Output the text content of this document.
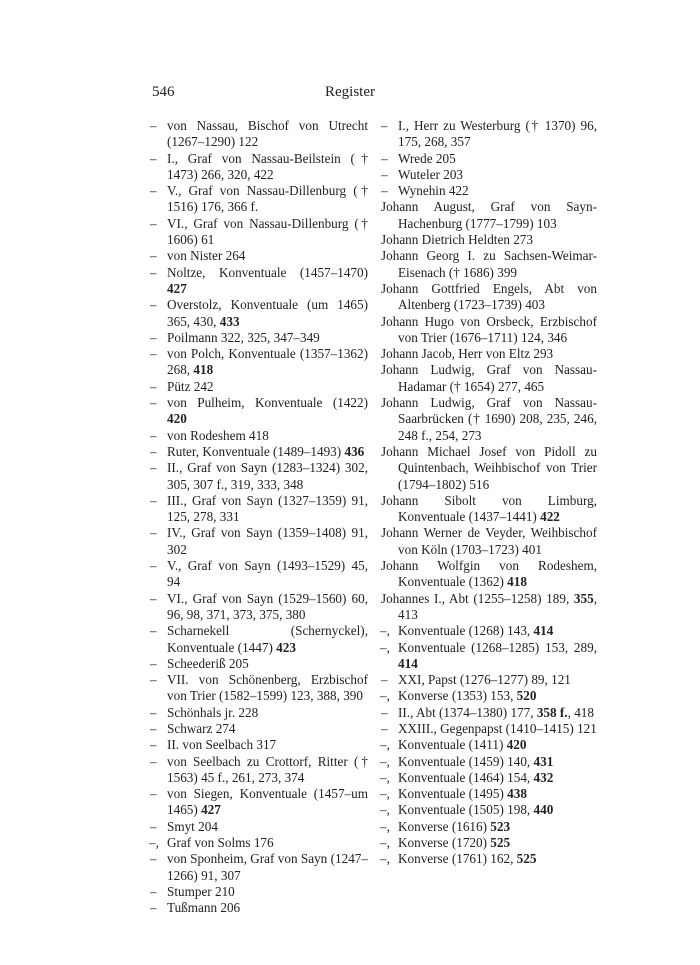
546	Register
– von Nassau, Bischof von Utrecht (1267–1290) 122
– I., Graf von Nassau-Beilstein († 1473) 266, 320, 422
– V., Graf von Nassau-Dillenburg († 1516) 176, 366 f.
– VI., Graf von Nassau-Dillenburg († 1606) 61
– von Nister 264
– Noltze, Konventuale (1457–1470) 427
– Overstolz, Konventuale (um 1465) 365, 430, 433
– Poilmann 322, 325, 347–349
– von Polch, Konventuale (1357–1362) 268, 418
– Pütz 242
– von Pulheim, Konventuale (1422) 420
– von Rodeshem 418
– Ruter, Konventuale (1489–1493) 436
– II., Graf von Sayn (1283–1324) 302, 305, 307 f., 319, 333, 348
– III., Graf von Sayn (1327–1359) 91, 125, 278, 331
– IV., Graf von Sayn (1359–1408) 91, 302
– V., Graf von Sayn (1493–1529) 45, 94
– VI., Graf von Sayn (1529–1560) 60, 96, 98, 371, 373, 375, 380
– Scharnekell (Schernyckel), Konventuale (1447) 423
– Scheederiß 205
– VII. von Schönenberg, Erzbischof von Trier (1582–1599) 123, 388, 390
– Schönhals jr. 228
– Schwarz 274
– II. von Seelbach 317
– von Seelbach zu Crottorf, Ritter († 1563) 45 f., 261, 273, 374
– von Siegen, Konventuale (1457–um 1465) 427
– Smyt 204
–, Graf von Solms 176
– von Sponheim, Graf von Sayn (1247–1266) 91, 307
– Stumper 210
– Tußmann 206
– I., Herr zu Westerburg († 1370) 96, 175, 268, 357
– Wrede 205
– Wuteler 203
– Wynehin 422
Johann August, Graf von Sayn-Hachenburg (1777–1799) 103
Johann Dietrich Heldten 273
Johann Georg I. zu Sachsen-Weimar-Eisenach († 1686) 399
Johann Gottfried Engels, Abt von Altenberg (1723–1739) 403
Johann Hugo von Orsbeck, Erzbischof von Trier (1676–1711) 124, 346
Johann Jacob, Herr von Eltz 293
Johann Ludwig, Graf von Nassau-Hadamar († 1654) 277, 465
Johann Ludwig, Graf von Nassau-Saarbrücken († 1690) 208, 235, 246, 248 f., 254, 273
Johann Michael Josef von Pidoll zu Quintenbach, Weihbischof von Trier (1794–1802) 516
Johann Sibolt von Limburg, Konventuale (1437–1441) 422
Johann Werner de Veyder, Weihbischof von Köln (1703–1723) 401
Johann Wolfgin von Rodeshem, Konventuale (1362) 418
Johannes I., Abt (1255–1258) 189, 355, 413
–, Konventuale (1268) 143, 414
–, Konventuale (1268–1285) 153, 289, 414
– XXI, Papst (1276–1277) 89, 121
–, Konverse (1353) 153, 520
– II., Abt (1374–1380) 177, 358 f., 418
– XXIII., Gegenpapst (1410–1415) 121
–, Konventuale (1411) 420
–, Konventuale (1459) 140, 431
–, Konventuale (1464) 154, 432
–, Konventuale (1495) 438
–, Konventuale (1505) 198, 440
–, Konverse (1616) 523
–, Konverse (1720) 525
–, Konverse (1761) 162, 525
